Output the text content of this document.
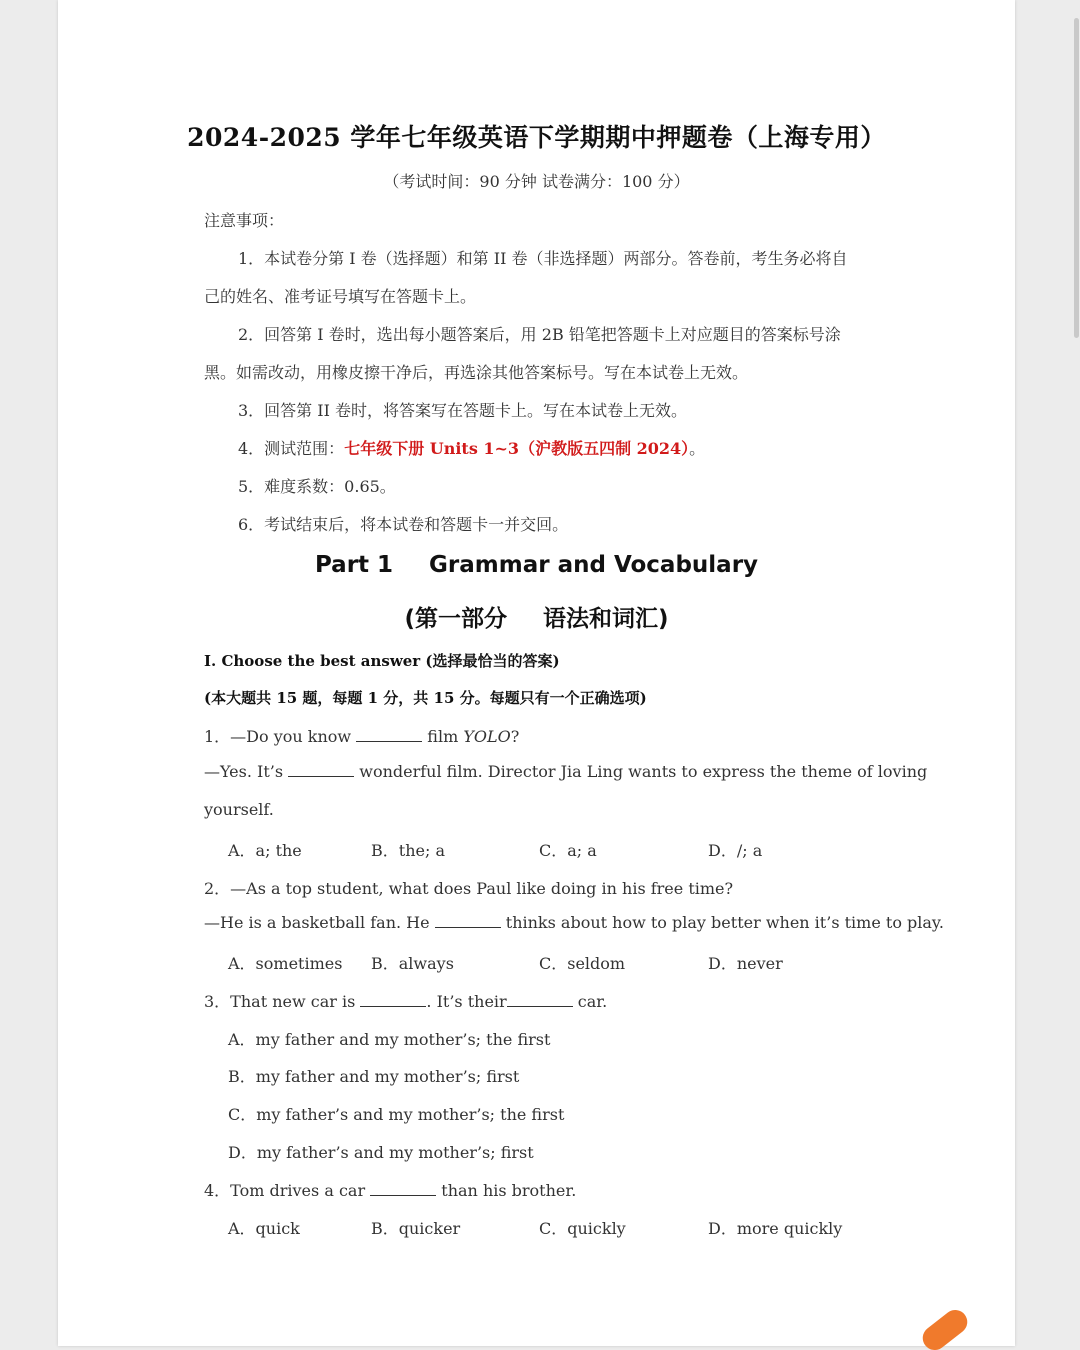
2024-2025 学年七年级英语下学期期中押题卷（上海专用）
（考试时间：90 分钟 试卷满分：100 分）
注意事项：
1．本试卷分第 I 卷（选择题）和第 II 卷（非选择题）两部分。答卷前，考生务必将自
己的姓名、准考证号填写在答题卡上。
2．回答第 I 卷时，选出每小题答案后，用 2B 铅笔把答题卡上对应题目的答案标号涂
黑。如需改动，用橡皮擦干净后，再选涂其他答案标号。写在本试卷上无效。
3．回答第 II 卷时，将答案写在答题卡上。写在本试卷上无效。
4．测试范围：七年级下册 Units 1~3（沪教版五四制 2024）。
5．难度系数：0.65。
6．考试结束后，将本试卷和答题卡一并交回。
Part 1 Grammar and Vocabulary
(第一部分 语法和词汇)
I. Choose the best answer (选择最恰当的答案)
(本大题共 15 题，每题 1 分，共 15 分。每题只有一个正确选项)
1．—Do you know	film YOLO?
—Yes. It’s	wonderful film. Director Jia Ling wants to express the theme of loving
yourself.
A．a; the	B．the; a	C．a; a	D．/; a
2．—As a top student, what does Paul like doing in his free time?
—He is a basketball fan. He	thinks about how to play better when it’s time to play.
A．sometimes B．always	C．seldom	D．never
3．That new car is	. It’s their	car.
A．my father and my mother’s; the first
B．my father and my mother’s; first
C．my father’s and my mother’s; the first
D．my father’s and my mother’s; first
4．Tom drives a car	than his brother.
A．quick	B．quicker	C．quickly	D．more quickly
